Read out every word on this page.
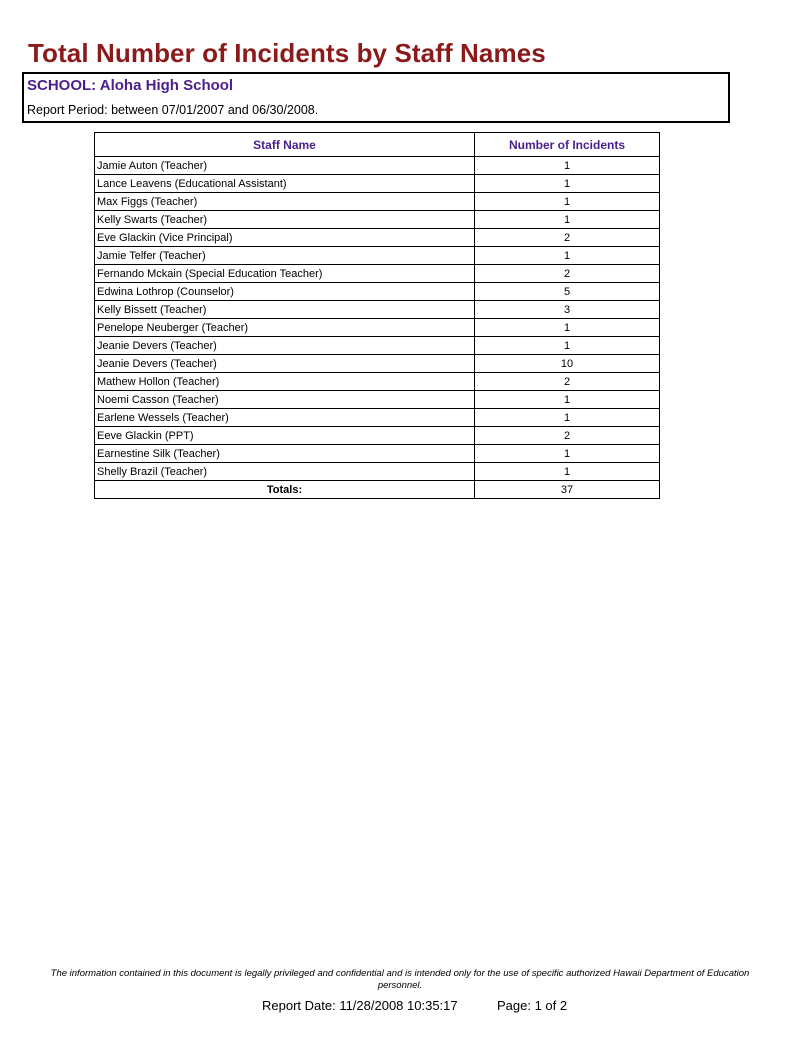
Total Number of Incidents by Staff Names
SCHOOL: Aloha High School
Report Period: between 07/01/2007 and 06/30/2008.
Staff Name	Number of Incidents
Jamie Auton (Teacher)	1
Lance Leavens (Educational Assistant)	1
Max Figgs (Teacher)	1
Kelly Swarts (Teacher)	1
Eve Glackin (Vice Principal)	2
Jamie Telfer (Teacher)	1
Fernando Mckain (Special Education Teacher)	2
Edwina Lothrop (Counselor)	5
Kelly Bissett (Teacher)	3
Penelope Neuberger (Teacher)	1
Jeanie Devers (Teacher)	1
Jeanie Devers (Teacher)	10
Mathew Hollon (Teacher)	2
Noemi Casson (Teacher)	1
Earlene Wessels (Teacher)	1
Eeve Glackin (PPT)	2
Earnestine Silk (Teacher)	1
Shelly Brazil (Teacher)	1
Totals:	37
The information contained in this document is legally privileged and confidential and is intended only for the use of specific authorized Hawaii Department of Education personnel.
Report Date: 11/28/2008 10:35:17	Page: 1 of 2
